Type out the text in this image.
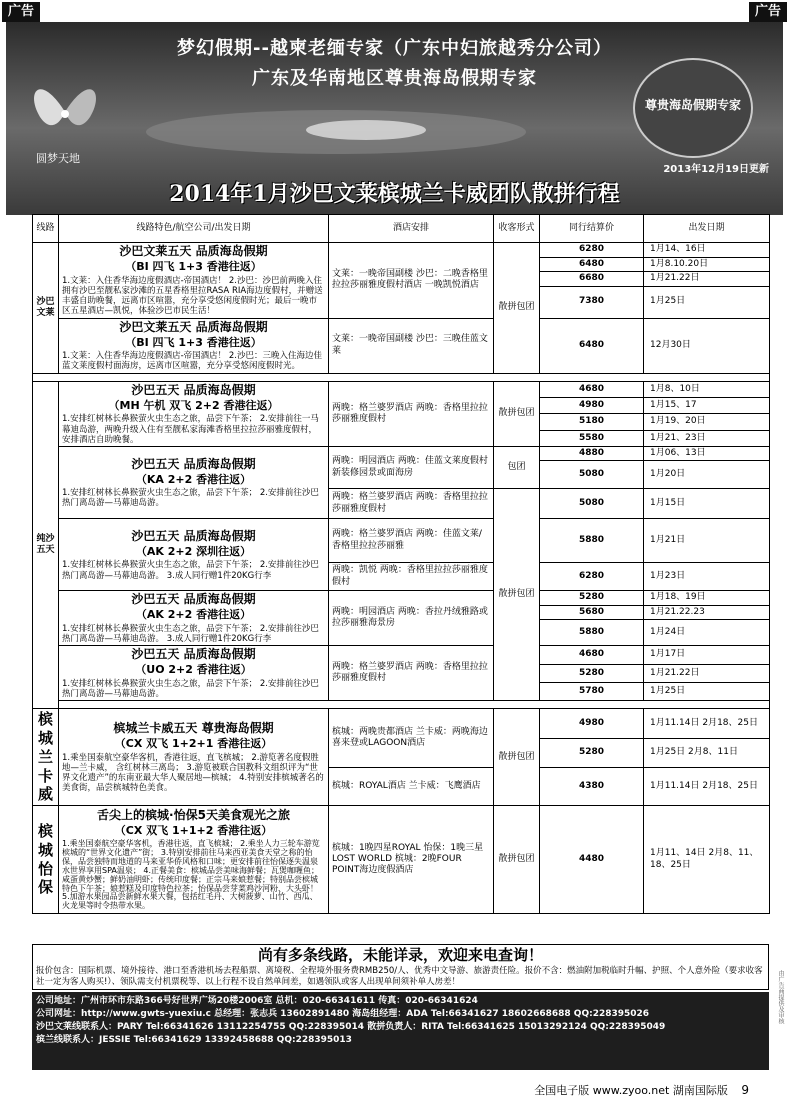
广告	广告
梦幻假期--越柬老缅专家（广东中妇旅越秀分公司）
广东及华南地区尊贵海岛假期专家
圆梦天地
尊贵海岛假期专家
2013年12月19日更新
2014年1月沙巴文莱槟城兰卡威团队散拼行程
线路	线路特色/航空公司/出发日期	酒店安排	收客形式	同行结算价	出发日期
沙巴文莱	沙巴文莱五天 品质海岛假期
（BI 四飞 1+3 香港往返）
1.文莱：入住香华海边度假酒店-帝国酒店！ 2.沙巴：沙巴前两晚入住拥有沙巴至靓私家沙滩的五星香格里拉RASA RIA海边度假村，并赠送丰盛自助晚餐，远离市区喧嚣，充分享受悠闲度假时光；最后一晚市区五星酒店—凯悦，体验沙巴市民生活！	文莱：一晚帝国副楼 沙巴：二晚香格里拉拉莎丽雅度假村酒店 一晚凯悦酒店	散拼包团	6280	1月14、16日
				6480	1月8.10.20日
				6680	1月21.22日
				7380	1月25日

	沙巴文莱五天 品质海岛假期
（BI 四飞 1+3 香港往返）
1.文莱：入住香华海边度假酒店-帝国酒店！ 2.沙巴：三晚入住海边佳蓝文莱度假村面海房，远离市区喧嚣，充分享受悠闲度假时光。	文莱：一晚帝国副楼 沙巴：三晚佳蓝文莱		6480	12月30日

纯沙五天	沙巴五天 品质海岛假期
（MH 午机 双飞 2+2 香港往返）
1.安排红树林长鼻猴萤火虫生态之旅，品尝下午茶； 2.安排前往一马幕迪岛游，两晚升级入住有至靓私家海滩香格里拉拉莎丽雅度假村，安排酒店自助晚餐。	两晚：格兰婆罗酒店 两晚：香格里拉拉莎丽雅度假村	散拼包团	4680	1月8、10日
				4980	1月15、17
				5180	1月19、20日
				5580	1月21、23日

	沙巴五天 品质海岛假期
（KA 2+2 香港往返）
1.安排红树林长鼻猴萤火虫生态之旅，品尝下午茶； 2.安排前往沙巴热门离岛游—马幕迪岛游。	两晚：明园酒店 两晚：佳蓝文莱度假村新装修园景或面海房	包团	4880	1月06、13日
				5080	1月20日
		两晚：格兰婆罗酒店 两晚：香格里拉拉莎丽雅度假村	散拼包团	5080	1月15日

	沙巴五天 品质海岛假期
（AK 2+2 深圳往返）
1.安排红树林长鼻猴萤火虫生态之旅，品尝下午茶； 2.安排前往沙巴热门离岛游—马幕迪岛游。 3.成人同行赠1件20KG行李	两晚：格兰婆罗酒店 两晚：佳蓝文莱/香格里拉拉莎丽雅		5880	1月21日
		两晚：凯悦 两晚：香格里拉拉莎丽雅度假村		6280	1月23日

	沙巴五天 品质海岛假期
（AK 2+2 香港往返）
1.安排红树林长鼻猴萤火虫生态之旅，品尝下午茶； 2.安排前往沙巴热门离岛游—马幕迪岛游。 3.成人同行赠1件20KG行李	两晚：明园酒店 两晚：香拉丹绒雅路或拉莎丽雅海景房		5280	1月18、19日
				5680	1月21.22.23
				5880	1月24日

	沙巴五天 品质海岛假期
（UO 2+2 香港往返）
1.安排红树林长鼻猴萤火虫生态之旅，品尝下午茶； 2.安排前往沙巴热门离岛游—马幕迪岛游。	两晚：格兰婆罗酒店 两晚：香格里拉拉莎丽雅度假村		4680	1月17日
				5280	1月21.22日
				5780	1月25日

槟城兰卡威	槟城兰卡威五天 尊贵海岛假期
（CX 双飞 1+2+1 香港往返）
1.乘坐国泰航空豪华客机，香港往返，直飞槟城； 2.游览著名度假胜地—兰卡威， 含红树林三离岛； 3.游览被联合国教科文组织评为“世界文化遗产”的东南亚最大华人聚居地—槟城； 4.特别安排槟城著名的美食街，品尝槟城特色美食。	槟城：两晚贵都酒店 兰卡威：两晚海边喜来登或LAGOON酒店	散拼包团	4980	1月11.14日 2月18、25日
				5280	1月25日 2月8、11日
		槟城：ROYAL酒店 兰卡威：飞鹰酒店		4380	1月11.14日 2月18、25日
槟城怡保	舌尖上的槟城·怡保5天美食观光之旅
（CX 双飞 1+1+2 香港往返）
1.乘坐国泰航空豪华客机，香港往返，直飞槟城； 2.乘坐人力三轮车游览槟城的“世界文化遗产”街； 3.特别安排前往马来西亚美食天堂之称的怡保，品尝独特而地道的马来亚华侨风格和口味；更安排前往怡保逐失温泉水世界享用SPA温泉； 4.正餐美食：槟城品尝美味海鲜餐；瓦煲咖喱鱼；咸蛋黄炒蟹；鲜奶油明虾；传统印度餐；正宗马来娘惹餐；特别品尝槟城特色下午茶；娘惹糕及印度特色拉茶；怡保品尝芽菜鸡沙河粉、大头虾！ 5.加游水果园品尝新鲜水果大餐，包括红毛丹、大树菠萝、山竹、西瓜、火龙果等时令热带水果。	槟城：1晚四星ROYAL 怡保：1晚三星LOST WORLD 槟城：2晚FOUR POINT海边度假酒店	散拼包团	4480	1月11、14日 2月8、11、18、25日
尚有多条线路，未能详录，欢迎来电查询！
报价包含：国际机票、境外接待、港口至香港机场去程船票、离境税、全程境外服务费RMB250/人、优秀中文导游、旅游责任险。报价不含：燃油附加税临时升幅、护照、个人意外险（要求收客社一定为客人购买!）、领队需支付机票税等、以上行程不设自然单间差，如遇领队或客人出现单间须补单人房差！
公司地址：广州市环市东路366号好世界广场20楼2006室 总机：020-66341611 传真：020-66341624
公司网址：http://www.gwts-yuexiu.c 总经理：张志兵 13602891480 海岛组经理：ADA Tel:66341627 18602668688 QQ:228395026
沙巴文莱线联系人：PARY Tel:66341626 13112254755 QQ:228395014 散拼负责人：RITA Tel:66341625 15013292124 QQ:228395049
槟兰线联系人：JESSIE Tel:66341629 13392458688 QQ:228395013
由广告商提供及审核
全国电子版 www.zyoo.net 湖南国际版 9
